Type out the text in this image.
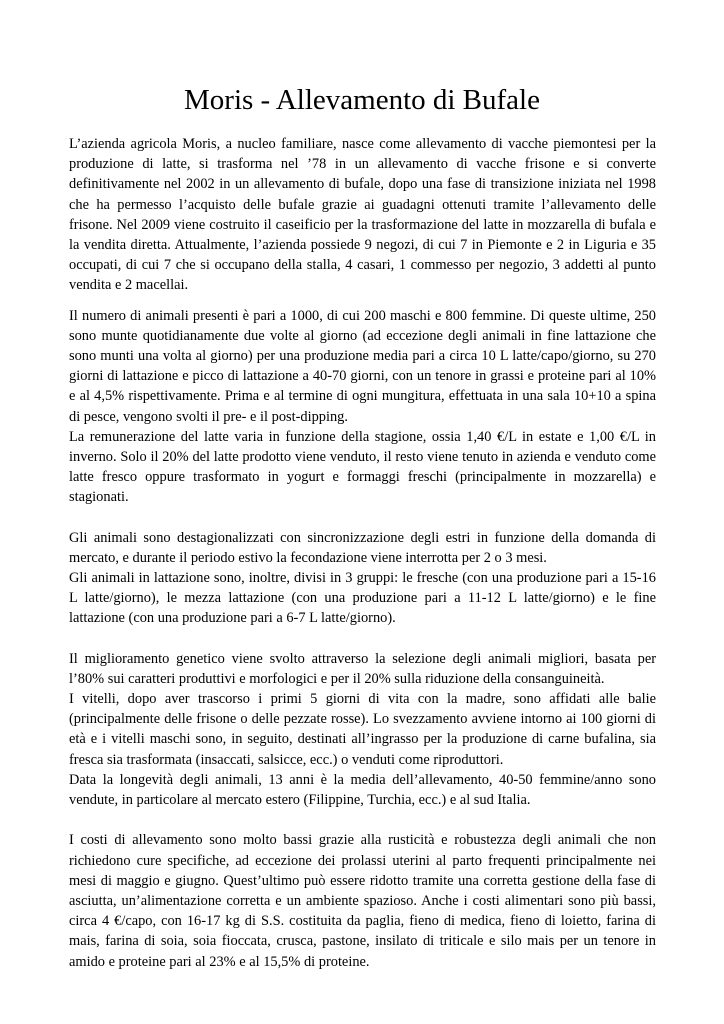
Moris - Allevamento di Bufale

L’azienda agricola Moris, a nucleo familiare, nasce come allevamento di vacche piemontesi per la produzione di latte, si trasforma nel ’78 in un allevamento di vacche frisone e si converte definitivamente nel 2002 in un allevamento di bufale, dopo una fase di transizione iniziata nel 1998 che ha permesso l’acquisto delle bufale grazie ai guadagni ottenuti tramite l’allevamento delle frisone. Nel 2009 viene costruito il caseificio per la trasformazione del latte in mozzarella di bufala e la vendita diretta. Attualmente, l’azienda possiede 9 negozi, di cui 7 in Piemonte e 2 in Liguria e 35 occupati, di cui 7 che si occupano della stalla, 4 casari, 1 commesso per negozio, 3 addetti al punto vendita e 2 macellai.

Il numero di animali presenti è pari a 1000, di cui 200 maschi e 800 femmine. Di queste ultime, 250 sono munte quotidianamente due volte al giorno (ad eccezione degli animali in fine lattazione che sono munti una volta al giorno) per una produzione media pari a circa 10 L latte/capo/giorno, su 270 giorni di lattazione e picco di lattazione a 40-70 giorni, con un tenore in grassi e proteine pari al 10% e al 4,5% rispettivamente. Prima e al termine di ogni mungitura, effettuata in una sala 10+10 a spina di pesce, vengono svolti il pre- e il post-dipping.

La remunerazione del latte varia in funzione della stagione, ossia 1,40 €/L in estate e 1,00 €/L in inverno. Solo il 20% del latte prodotto viene venduto, il resto viene tenuto in azienda e venduto come latte fresco oppure trasformato in yogurt e formaggi freschi (principalmente in mozzarella) e stagionati.

Gli animali sono destagionalizzati con sincronizzazione degli estri in funzione della domanda di mercato, e durante il periodo estivo la fecondazione viene interrotta per 2 o 3 mesi.

Gli animali in lattazione sono, inoltre, divisi in 3 gruppi: le fresche (con una produzione pari a 15-16 L latte/giorno), le mezza lattazione (con una produzione pari a 11-12 L latte/giorno) e le fine lattazione (con una produzione pari a 6-7 L latte/giorno).

Il miglioramento genetico viene svolto attraverso la selezione degli animali migliori, basata per l’80% sui caratteri produttivi e morfologici e per il 20% sulla riduzione della consanguineità.

I vitelli, dopo aver trascorso i primi 5 giorni di vita con la madre, sono affidati alle balie (principalmente delle frisone o delle pezzate rosse). Lo svezzamento avviene intorno ai 100 giorni di età e i vitelli maschi sono, in seguito, destinati all’ingrasso per la produzione di carne bufalina, sia fresca sia trasformata (insaccati, salsicce, ecc.) o venduti come riproduttori.

Data la longevità degli animali, 13 anni è la media dell’allevamento, 40-50 femmine/anno sono vendute, in particolare al mercato estero (Filippine, Turchia, ecc.) e al sud Italia.

I costi di allevamento sono molto bassi grazie alla rusticità e robustezza degli animali che non richiedono cure specifiche, ad eccezione dei prolassi uterini al parto frequenti principalmente nei mesi di maggio e giugno. Quest’ultimo può essere ridotto tramite una corretta gestione della fase di asciutta, un’alimentazione corretta e un ambiente spazioso. Anche i costi alimentari sono più bassi, circa 4 €/capo, con 16-17 kg di S.S. costituita da paglia, fieno di medica, fieno di loietto, farina di mais, farina di soia, soia fioccata, crusca, pastone, insilato di triticale e silo mais per un tenore in amido e proteine pari al 23% e al 15,5% di proteine.
